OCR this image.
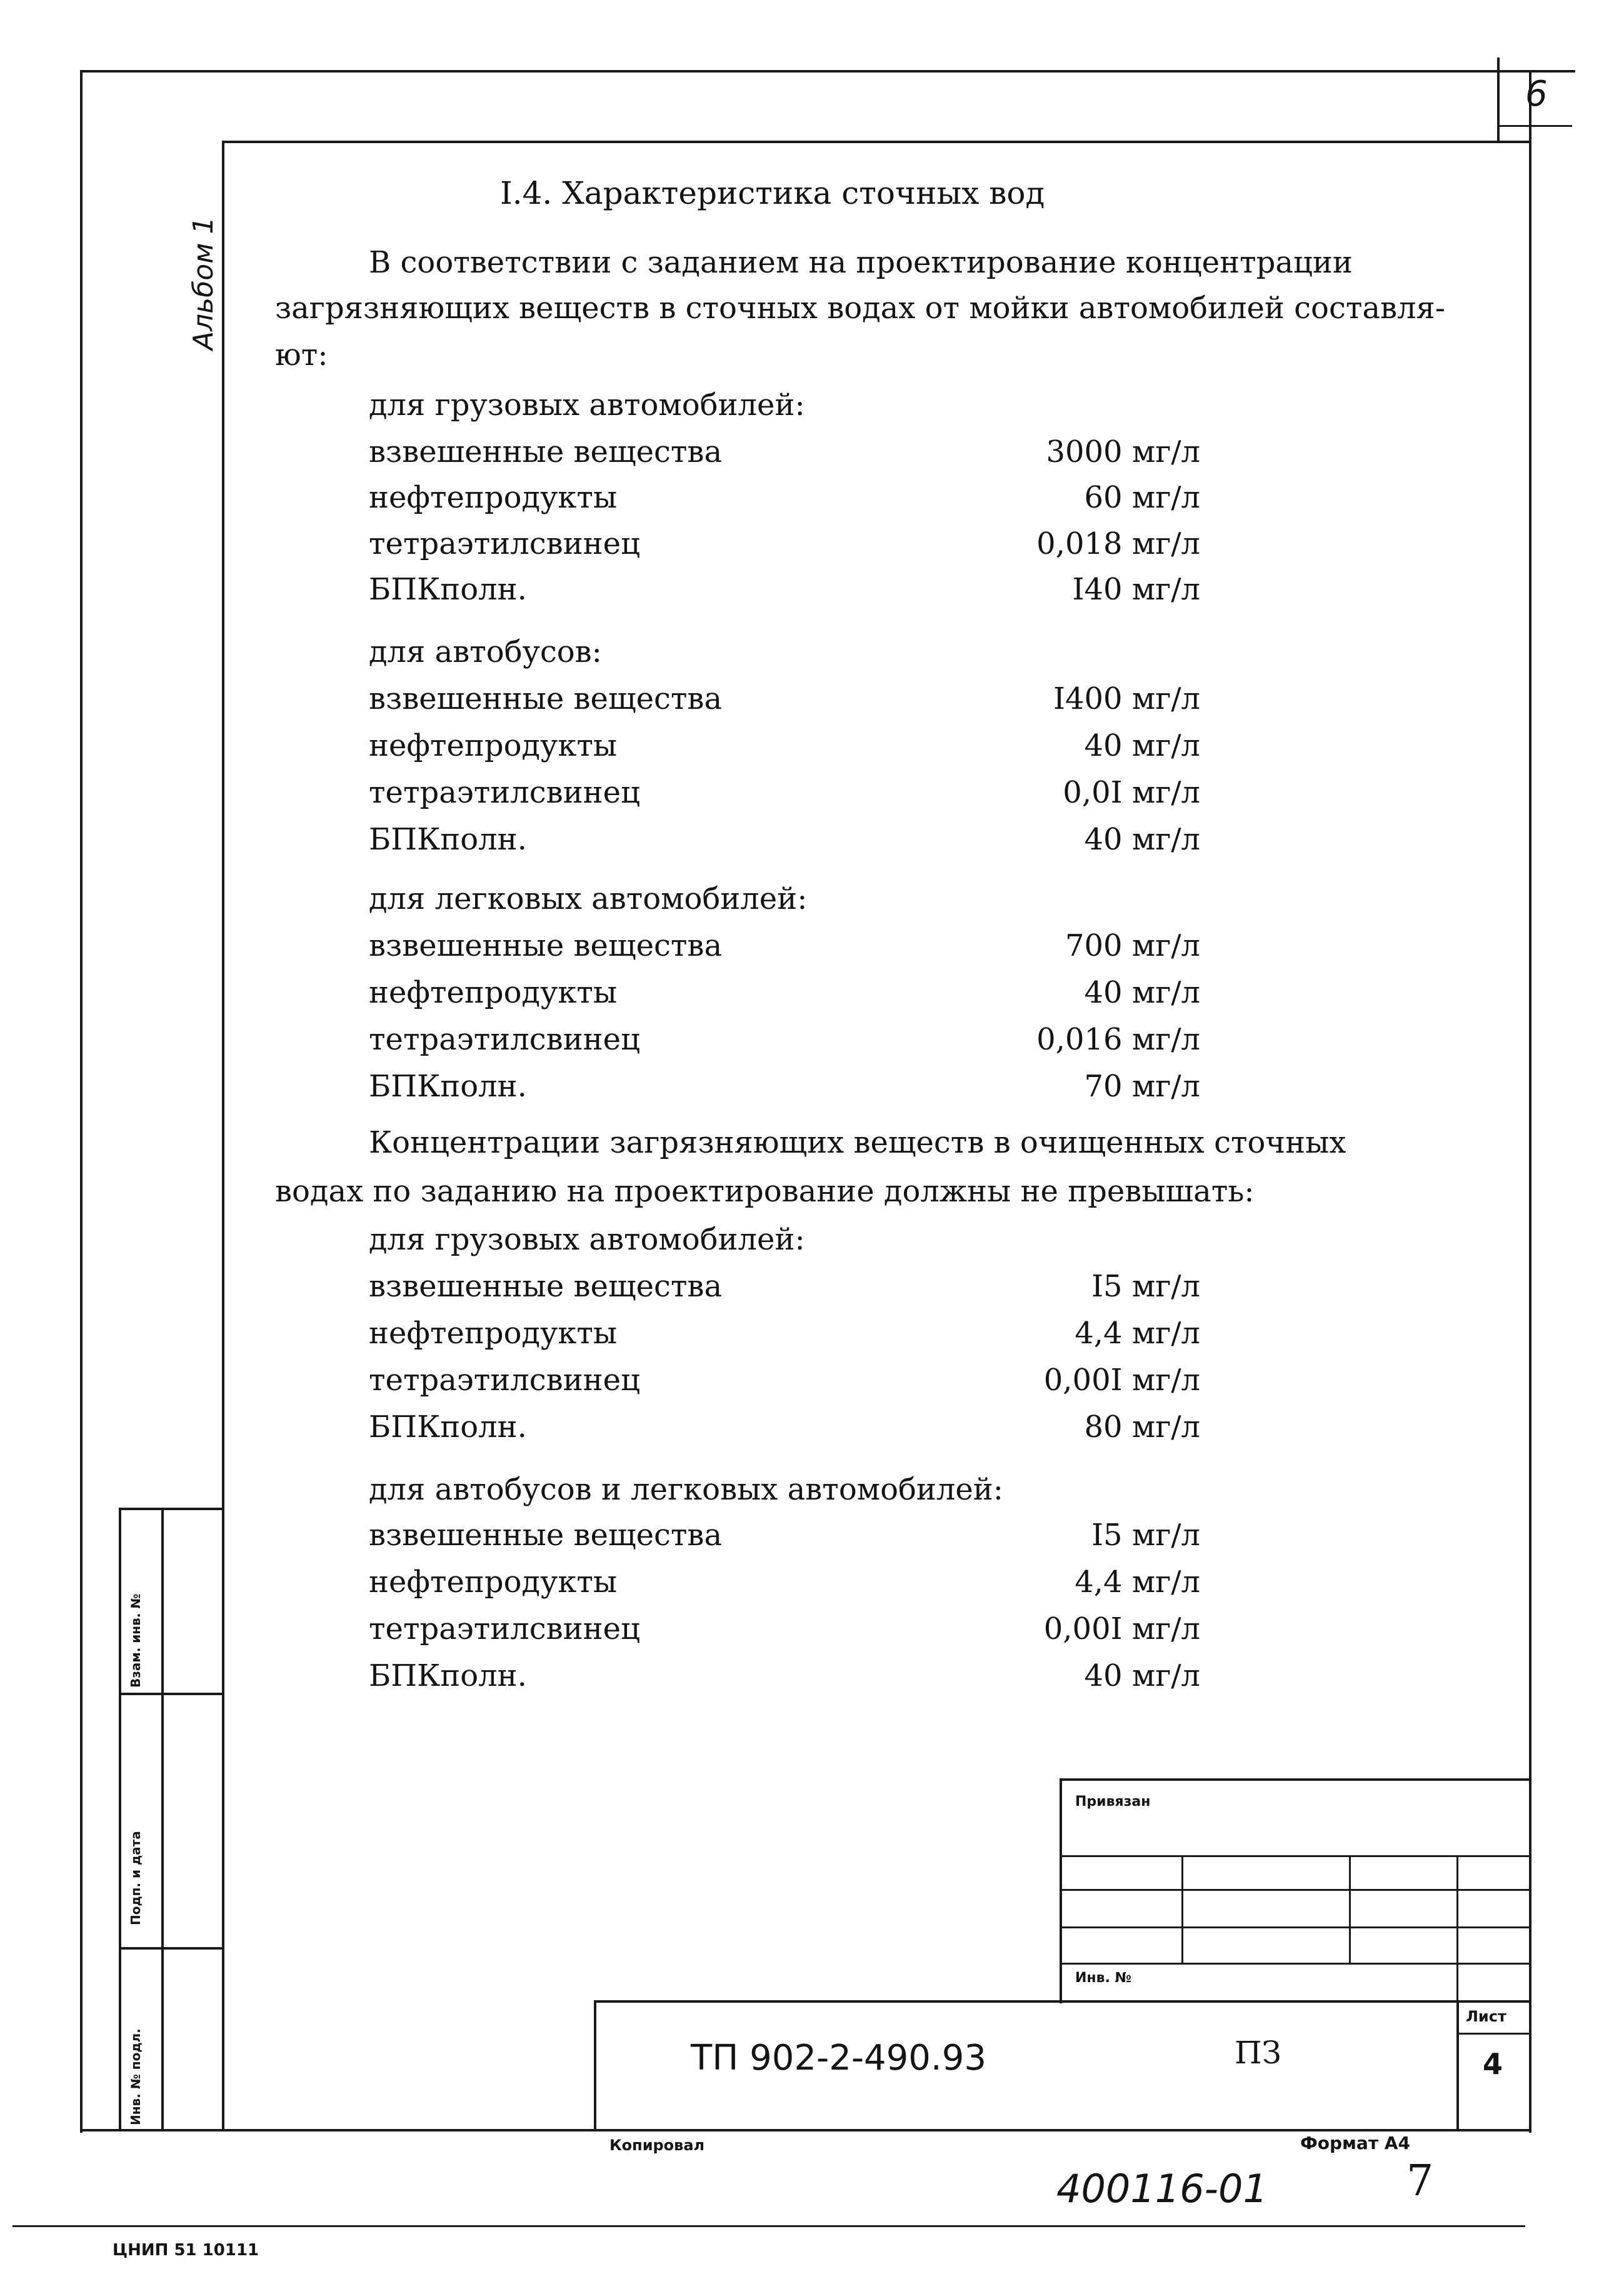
6
Альбом 1
Взам. инв. №
Подп. и дата
Инв. № подл.
I.4. Характеристика сточных вод
В соответствии с заданием на проектирование концентрации
загрязняющих веществ в сточных водах от мойки автомобилей составля-
ют:
для грузовых автомобилей:
взвешенные вещества	3000 мг/л
нефтепродукты	60 мг/л
тетраэтилсвинец	0,018 мг/л
БПКполн.	I40 мг/л
для автобусов:
взвешенные вещества	I400 мг/л
нефтепродукты	40 мг/л
тетраэтилсвинец	0,0I мг/л
БПКполн.	40 мг/л
для легковых автомобилей:
взвешенные вещества	700 мг/л
нефтепродукты	40 мг/л
тетраэтилсвинец	0,016 мг/л
БПКполн.	70 мг/л
Концентрации загрязняющих веществ в очищенных сточных
водах по заданию на проектирование должны не превышать:
для грузовых автомобилей:
взвешенные вещества	I5 мг/л
нефтепродукты	4,4 мг/л
тетраэтилсвинец	0,00I мг/л
БПКполн.	80 мг/л
для автобусов и легковых автомобилей:
взвешенные вещества	I5 мг/л
нефтепродукты	4,4 мг/л
тетраэтилсвинец	0,00I мг/л
БПКполн.	40 мг/л
Привязан
Инв. №
ТП 902-2-490.93	ПЗ
Лист
4
Копировал	Формат А4
400116-01	7
ЦНИП 51 10111
